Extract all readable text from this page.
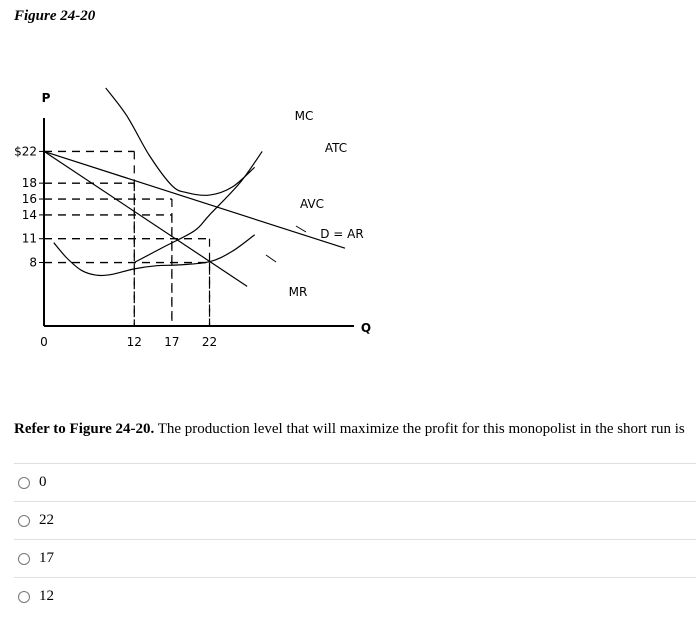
Figure 24-20
Q
P
$22
18
16
14
11
8
0	12 17 22
D = AR
MR
MC
ATC
AVC
Refer to Figure 24-20. The production level that will maximize the profit for this monopolist in the short run is
0
22
17
12
